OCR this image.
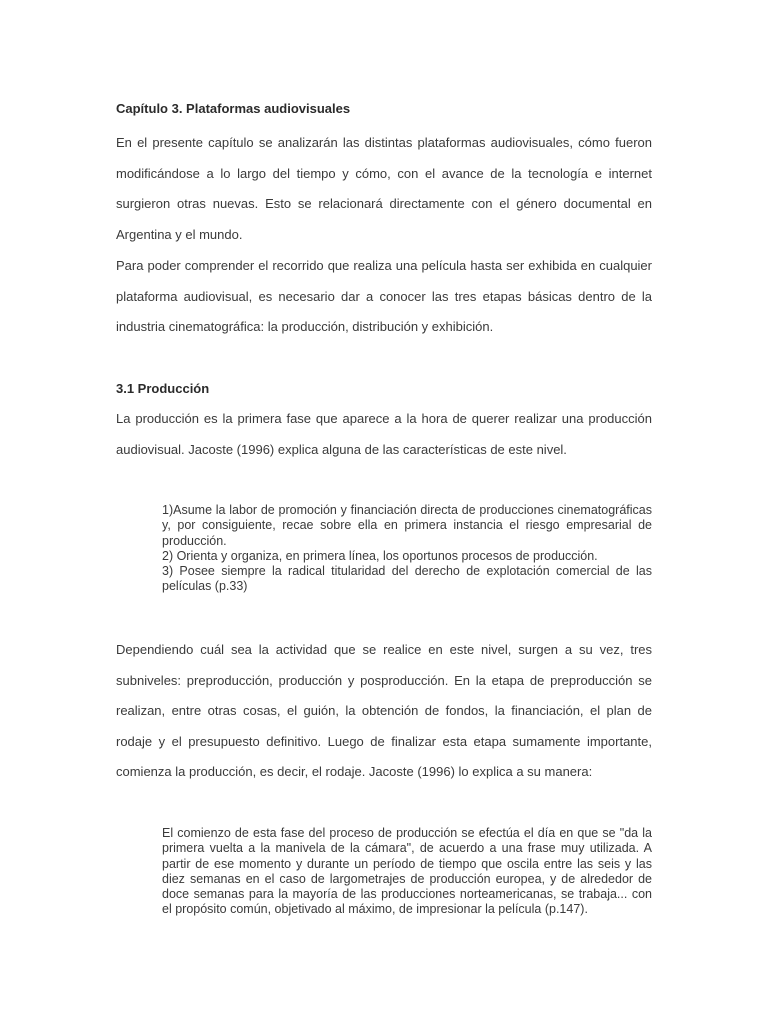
Capítulo 3. Plataformas audiovisuales
En el presente capítulo se analizarán las distintas plataformas audiovisuales, cómo fueron modificándose a lo largo del tiempo y cómo, con el avance de la tecnología e internet surgieron otras nuevas. Esto se relacionará directamente con el género documental en Argentina y el mundo.
Para poder comprender el recorrido que realiza una película hasta ser exhibida en cualquier plataforma audiovisual, es necesario dar a conocer las tres etapas básicas dentro de la industria cinematográfica: la producción, distribución y exhibición.
3.1 Producción
La producción es la primera fase que aparece a la hora de querer realizar una producción audiovisual. Jacoste (1996) explica alguna de las características de este nivel.

1)Asume la labor de promoción y financiación directa de producciones cinematográficas y, por consiguiente, recae sobre ella en primera instancia el riesgo empresarial de producción.

2) Orienta y organiza, en primera línea, los oportunos procesos de producción.

3) Posee siempre la radical titularidad del derecho de explotación comercial de las películas (p.33)

Dependiendo cuál sea la actividad que se realice en este nivel, surgen a su vez, tres subniveles: preproducción, producción y posproducción. En la etapa de preproducción se realizan, entre otras cosas, el guión, la obtención de fondos, la financiación, el plan de rodaje y el presupuesto definitivo. Luego de finalizar esta etapa sumamente importante, comienza la producción, es decir, el rodaje. Jacoste (1996) lo explica a su manera:
El comienzo de esta fase del proceso de producción se efectúa el día en que se "da la primera vuelta a la manivela de la cámara", de acuerdo a una frase muy utilizada. A partir de ese momento y durante un período de tiempo que oscila entre las seis y las diez semanas en el caso de largometrajes de producción europea, y de alrededor de doce semanas para la mayoría de las producciones norteamericanas, se trabaja... con el propósito común, objetivado al máximo, de impresionar la película (p.147).
